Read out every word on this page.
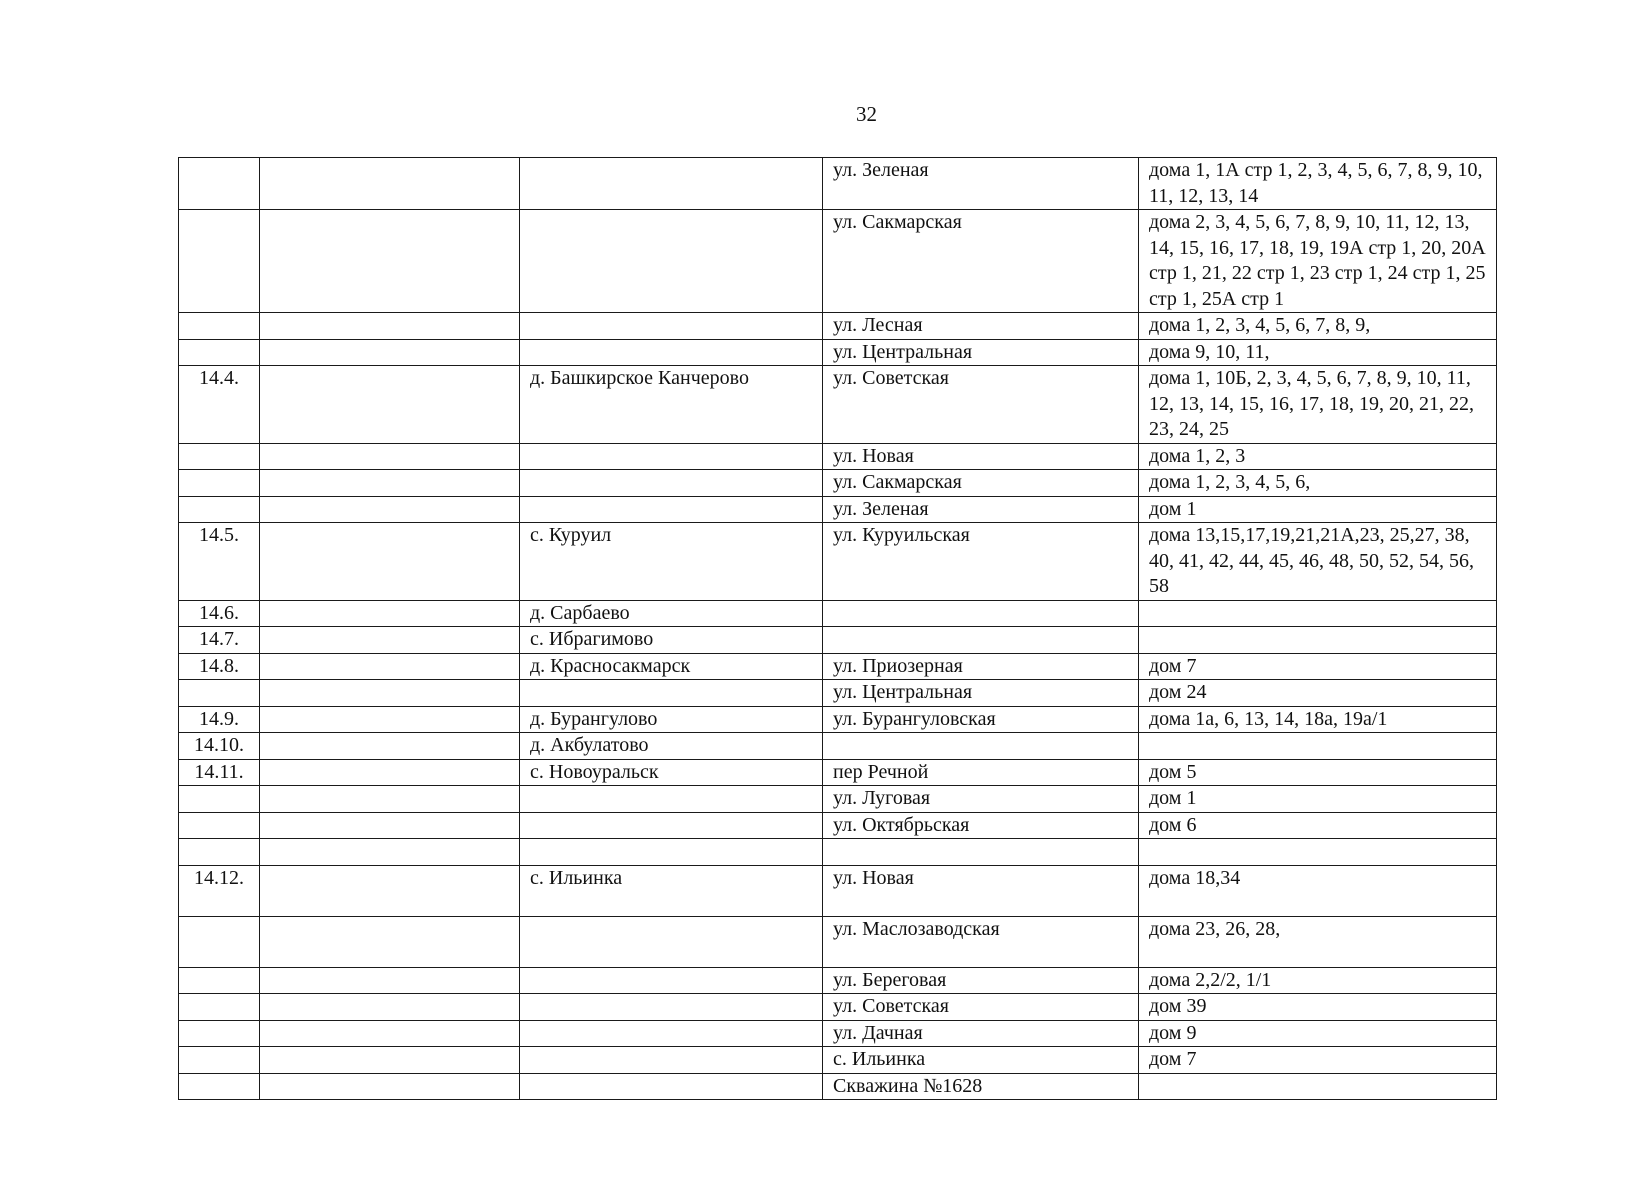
32
			ул. Зеленая	дома 1, 1А стр 1, 2, 3, 4, 5, 6, 7, 8, 9, 10, 11, 12, 13, 14
			ул. Сакмарская	дома 2, 3, 4, 5, 6, 7, 8, 9, 10, 11, 12, 13, 14, 15, 16, 17, 18, 19, 19А стр 1, 20, 20А стр 1, 21, 22 стр 1, 23 стр 1, 24 стр 1, 25 стр 1, 25А стр 1
			ул. Лесная	дома 1, 2, 3, 4, 5, 6, 7, 8, 9,
			ул. Центральная	дома 9, 10, 11,
14.4.		д. Башкирское Канчерово	ул. Советская	дома 1, 10Б, 2, 3, 4, 5, 6, 7, 8, 9, 10, 11, 12, 13, 14, 15, 16, 17, 18, 19, 20, 21, 22, 23, 24, 25
			ул. Новая	дома 1, 2, 3
			ул. Сакмарская	дома 1, 2, 3, 4, 5, 6,
			ул. Зеленая	дом 1
14.5.		с. Куруил	ул. Куруильская	дома 13,15,17,19,21,21А,23, 25,27, 38, 40, 41, 42, 44, 45, 46, 48, 50, 52, 54, 56, 58
14.6.		д. Сарбаево		
14.7.		с. Ибрагимово		
14.8.		д. Красносакмарск	ул. Приозерная	дом 7
			ул. Центральная	дом 24
14.9.		д. Бурангулово	ул. Бурангуловская	дома 1а, 6, 13, 14, 18а, 19а/1
14.10.		д. Акбулатово		
14.11.		с. Новоуральск	пер Речной	дом 5
			ул. Луговая	дом 1
			ул. Октябрьская	дом 6

14.12.		с. Ильинка	ул. Новая	дома 18,34
			ул. Маслозаводская	дома 23, 26, 28,
			ул. Береговая	дома 2,2/2, 1/1
			ул. Советская	дом 39
			ул. Дачная	дом 9
			с. Ильинка	дом 7
			Скважина №1628	
